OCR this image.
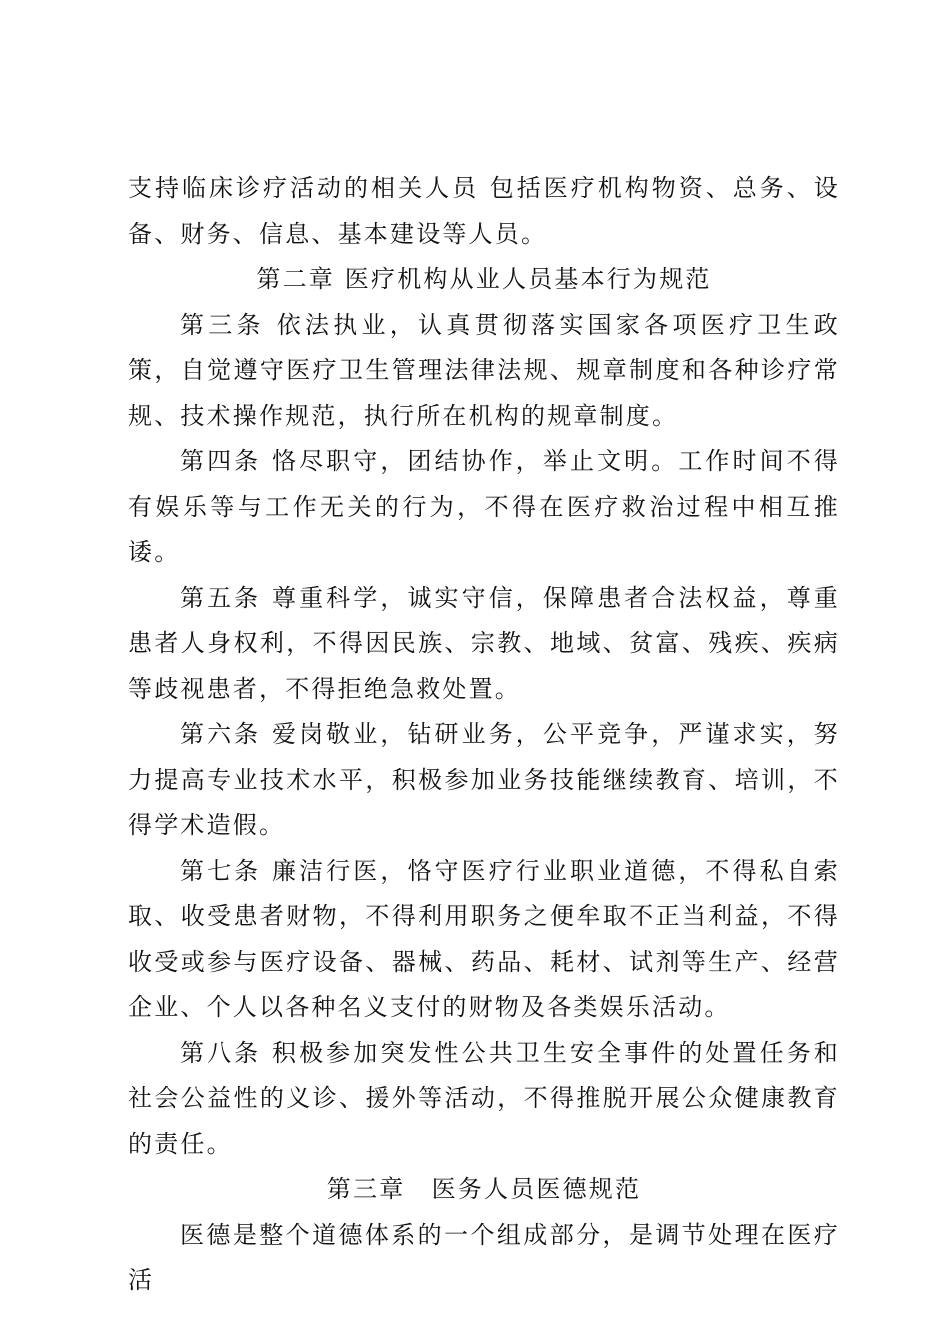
支持临床诊疗活动的相关人员 包括医疗机构物资、总务、设备、财务、信息、基本建设等人员。

第二章 医疗机构从业人员基本行为规范

第三条 依法执业，认真贯彻落实国家各项医疗卫生政策，自觉遵守医疗卫生管理法律法规、规章制度和各种诊疗常规、技术操作规范，执行所在机构的规章制度。

第四条 恪尽职守，团结协作，举止文明。工作时间不得有娱乐等与工作无关的行为，不得在医疗救治过程中相互推诿。

第五条 尊重科学，诚实守信，保障患者合法权益，尊重患者人身权利，不得因民族、宗教、地域、贫富、残疾、疾病等歧视患者，不得拒绝急救处置。

第六条 爱岗敬业，钻研业务，公平竞争，严谨求实，努力提高专业技术水平，积极参加业务技能继续教育、培训，不得学术造假。

第七条 廉洁行医，恪守医疗行业职业道德，不得私自索取、收受患者财物，不得利用职务之便牟取不正当利益，不得收受或参与医疗设备、器械、药品、耗材、试剂等生产、经营企业、个人以各种名义支付的财物及各类娱乐活动。

第八条 积极参加突发性公共卫生安全事件的处置任务和社会公益性的义诊、援外等活动，不得推脱开展公众健康教育的责任。

第三章　医务人员医德规范

医德是整个道德体系的一个组成部分，是调节处理在医疗活
